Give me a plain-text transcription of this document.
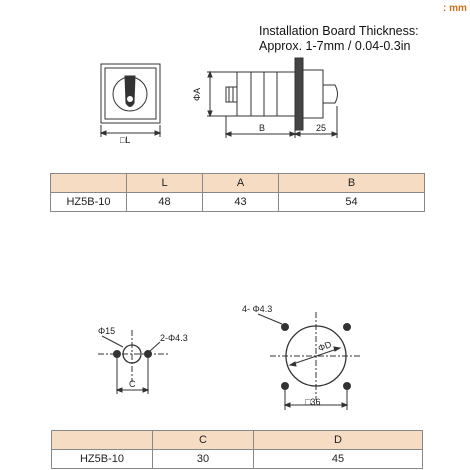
: mm
Installation Board Thickness:
Approx. 1-7mm / 0.04-0.3in
□L
ΦA
B	25
Φ15
2-Φ4.3
C
ΦD
4- Φ4.3
□36
	L	A	B
HZ5B-10	48	43	54
	C	D
HZ5B-10	30	45
